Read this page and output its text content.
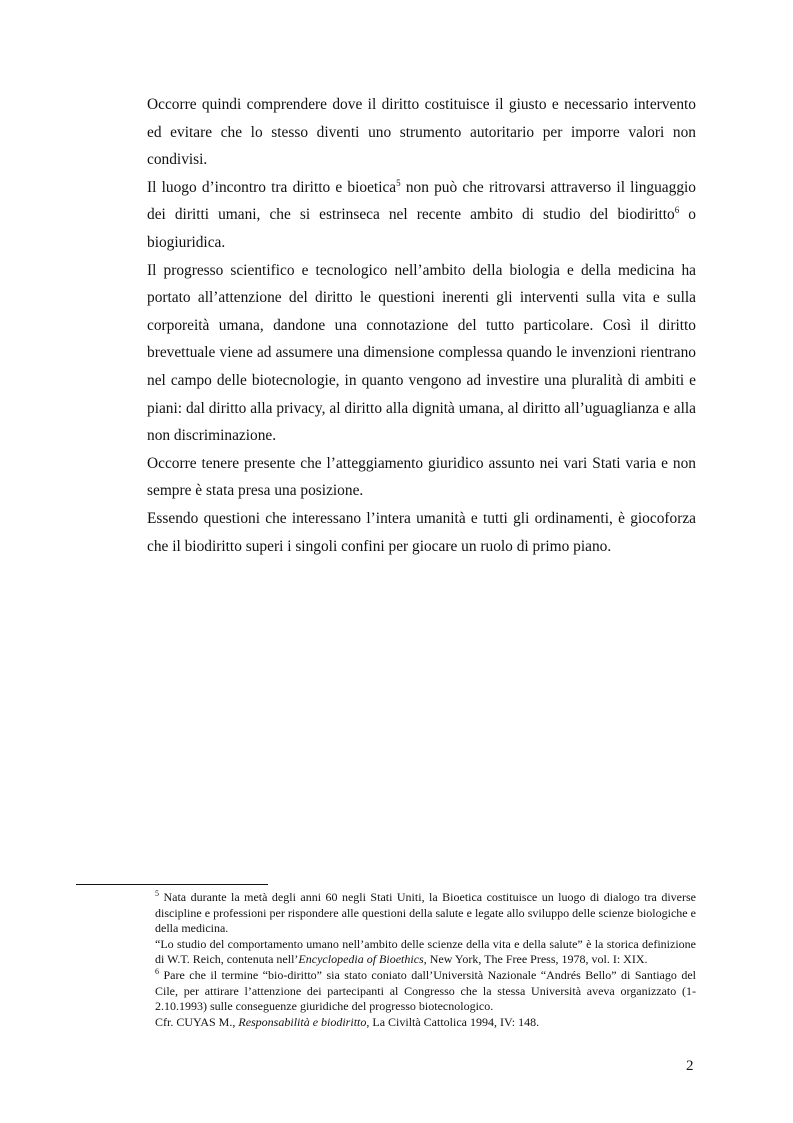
Occorre quindi comprendere dove il diritto costituisce il giusto e necessario intervento ed evitare che lo stesso diventi uno strumento autoritario per imporre valori non condivisi.

Il luogo d’incontro tra diritto e bioetica$^5$ non può che ritrovarsi attraverso il linguaggio dei diritti umani, che si estrinseca nel recente ambito di studio del biodiritto$^6$ o biogiuridica.

Il progresso scientifico e tecnologico nell’ambito della biologia e della medicina ha portato all’attenzione del diritto le questioni inerenti gli interventi sulla vita e sulla corporeità umana, dandone una connotazione del tutto particolare. Così il diritto brevettuale viene ad assumere una dimensione complessa quando le invenzioni rientrano nel campo delle biotecnologie, in quanto vengono ad investire una pluralità di ambiti e piani: dal diritto alla privacy, al diritto alla dignità umana, al diritto all’uguaglianza e alla non discriminazione.

Occorre tenere presente che l’atteggiamento giuridico assunto nei vari Stati varia e non sempre è stata presa una posizione.

Essendo questioni che interessano l’intera umanità e tutti gli ordinamenti, è giocoforza che il biodiritto superi i singoli confini per giocare un ruolo di primo piano.

$^5$ Nata durante la metà degli anni 60 negli Stati Uniti, la Bioetica costituisce un luogo di dialogo tra diverse discipline e professioni per rispondere alle questioni della salute e legate allo sviluppo delle scienze biologiche e della medicina.

“Lo studio del comportamento umano nell’ambito delle scienze della vita e della salute” è la storica definizione di W.T. Reich, contenuta nell’Encyclopedia of Bioethics, New York, The Free Press, 1978, vol. I: XIX.

$^6$ Pare che il termine “bio-diritto” sia stato coniato dall’Università Nazionale “Andrés Bello” di Santiago del Cile, per attirare l’attenzione dei partecipanti al Congresso che la stessa Università aveva organizzato (1-2.10.1993) sulle conseguenze giuridiche del progresso biotecnologico.

Cfr. CUYAS M., Responsabilità e biodiritto, La Civiltà Cattolica 1994, IV: 148.

2
